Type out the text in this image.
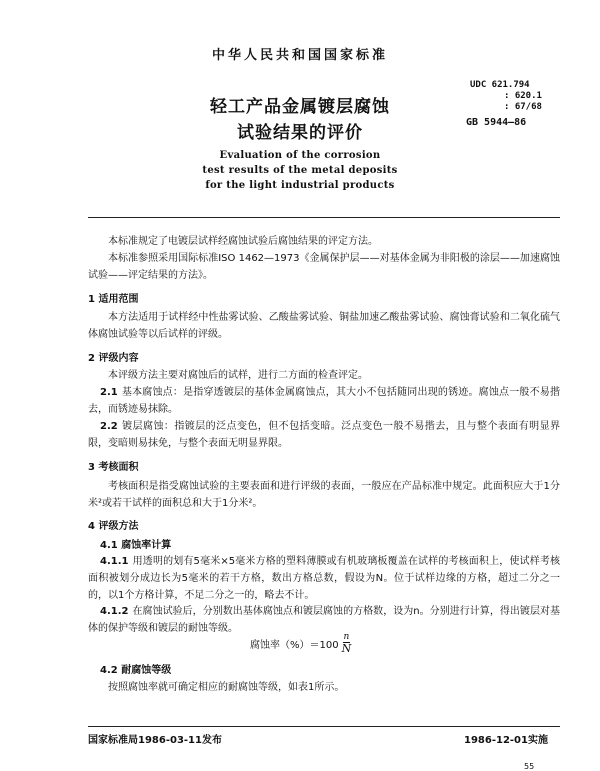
中华人民共和国国家标准
轻工产品金属镀层腐蚀
试验结果的评价
Evaluation of the corrosion
test results of the metal deposits
for the light industrial products
UDC 621.794
: 620.1
: 67/68
GB 5944—86
本标准规定了电镀层试样经腐蚀试验后腐蚀结果的评定方法。
本标准参照采用国际标准ISO 1462—1973《金属保护层——对基体金属为非阳极的涂层——加速腐蚀试验——评定结果的方法》。
1 适用范围
本方法适用于试样经中性盐雾试验、乙酸盐雾试验、铜盐加速乙酸盐雾试验、腐蚀膏试验和二氧化硫气体腐蚀试验等以后试样的评级。
2 评级内容
本评级方法主要对腐蚀后的试样，进行二方面的检查评定。
2.1 基本腐蚀点：是指穿透镀层的基体金属腐蚀点，其大小不包括随同出现的锈迹。腐蚀点一般不易揩去，而锈迹易抹除。
2.2 镀层腐蚀：指镀层的泛点变色，但不包括变暗。泛点变色一般不易揩去，且与整个表面有明显界限，变暗则易抹免，与整个表面无明显界限。
3 考核面积
考核面积是指受腐蚀试验的主要表面和进行评级的表面，一般应在产品标准中规定。此面积应大于1分米²或若干试样的面积总和大于1分米²。
4 评级方法
4.1 腐蚀率计算
4.1.1 用透明的划有5毫米×5毫米方格的塑料薄膜或有机玻璃板覆盖在试样的考核面积上，使试样考核面积被划分成边长为5毫米的若干方格，数出方格总数，假设为N。位于试样边缘的方格，超过二分之一的，以1个方格计算，不足二分之一的，略去不计。
4.1.2 在腐蚀试验后，分别数出基体腐蚀点和镀层腐蚀的方格数，设为n。分别进行计算，得出镀层对基体的保护等级和镀层的耐蚀等级。
腐蚀率$(\%)=100 \frac{n}{N}$
4.2 耐腐蚀等级
按照腐蚀率就可确定相应的耐腐蚀等级，如表1所示。
国家标准局1986-03-11发布	1986-12-01实施
55
